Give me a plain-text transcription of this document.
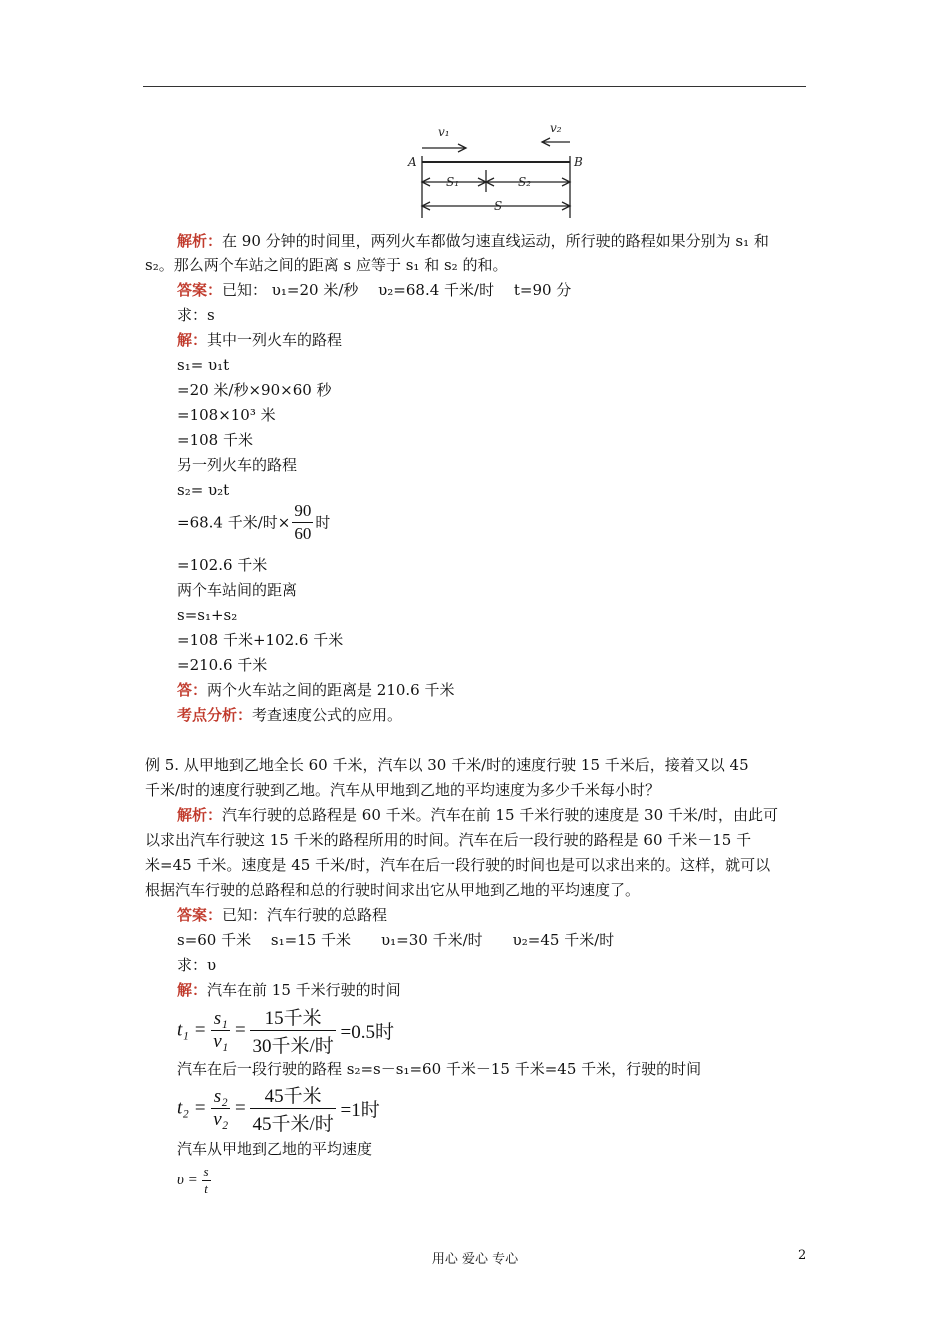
v₁	v₂
A	B
S₁	S₂
S
解析：在 90 分钟的时间里，两列火车都做匀速直线运动，所行驶的路程如果分别为 s₁ 和
s₂。那么两个车站之间的距离 s 应等于 s₁ 和 s₂ 的和。
答案：已知： υ₁=20 米/秒　 υ₂=68.4 千米/时　 t=90 分
求：s
解：其中一列火车的路程
s₁= υ₁t
=20 米/秒×90×60 秒
=108×10³ 米
=108 千米
另一列火车的路程
s₂= υ₂t
=68.4 千米/时× $\frac{90}{60}$ 时
=102.6 千米
两个车站间的距离
s=s₁+s₂
=108 千米+102.6 千米
=210.6 千米
答：两个火车站之间的距离是 210.6 千米
考点分析：考查速度公式的应用。
例 5. 从甲地到乙地全长 60 千米，汽车以 30 千米/时的速度行驶 15 千米后，接着又以 45
千米/时的速度行驶到乙地。汽车从甲地到乙地的平均速度为多少千米每小时？
解析：汽车行驶的总路程是 60 千米。汽车在前 15 千米行驶的速度是 30 千米/时，由此可
以求出汽车行驶这 15 千米的路程所用的时间。汽车在后一段行驶的路程是 60 千米－15 千
米=45 千米。速度是 45 千米/时，汽车在后一段行驶的时间也是可以求出来的。这样，就可以
根据汽车行驶的总路程和总的行驶时间求出它从甲地到乙地的平均速度了。
答案：已知：汽车行驶的总路程
s=60 千米　 s₁=15 千米　　υ₁=30 千米/时　　υ₂=45 千米/时
求：υ
解：汽车在前 15 千米行驶的时间
$t_1 = \frac{\text{s₁}}{\text{v₁}} = \frac{\text{15千米}}{\text{30千米/时}} =0.5$时
汽车在后一段行驶的路程 s₂=s－s₁=60 千米－15 千米=45 千米，行驶的时间
$t_2 = \frac{\text{s₂}}{\text{v₂}} = \frac{\text{45千米}}{\text{45千米/时}} =1$时
汽车从甲地到乙地的平均速度
$\upsilon = \frac{s}{t}$
用心 爱心 专心	2
